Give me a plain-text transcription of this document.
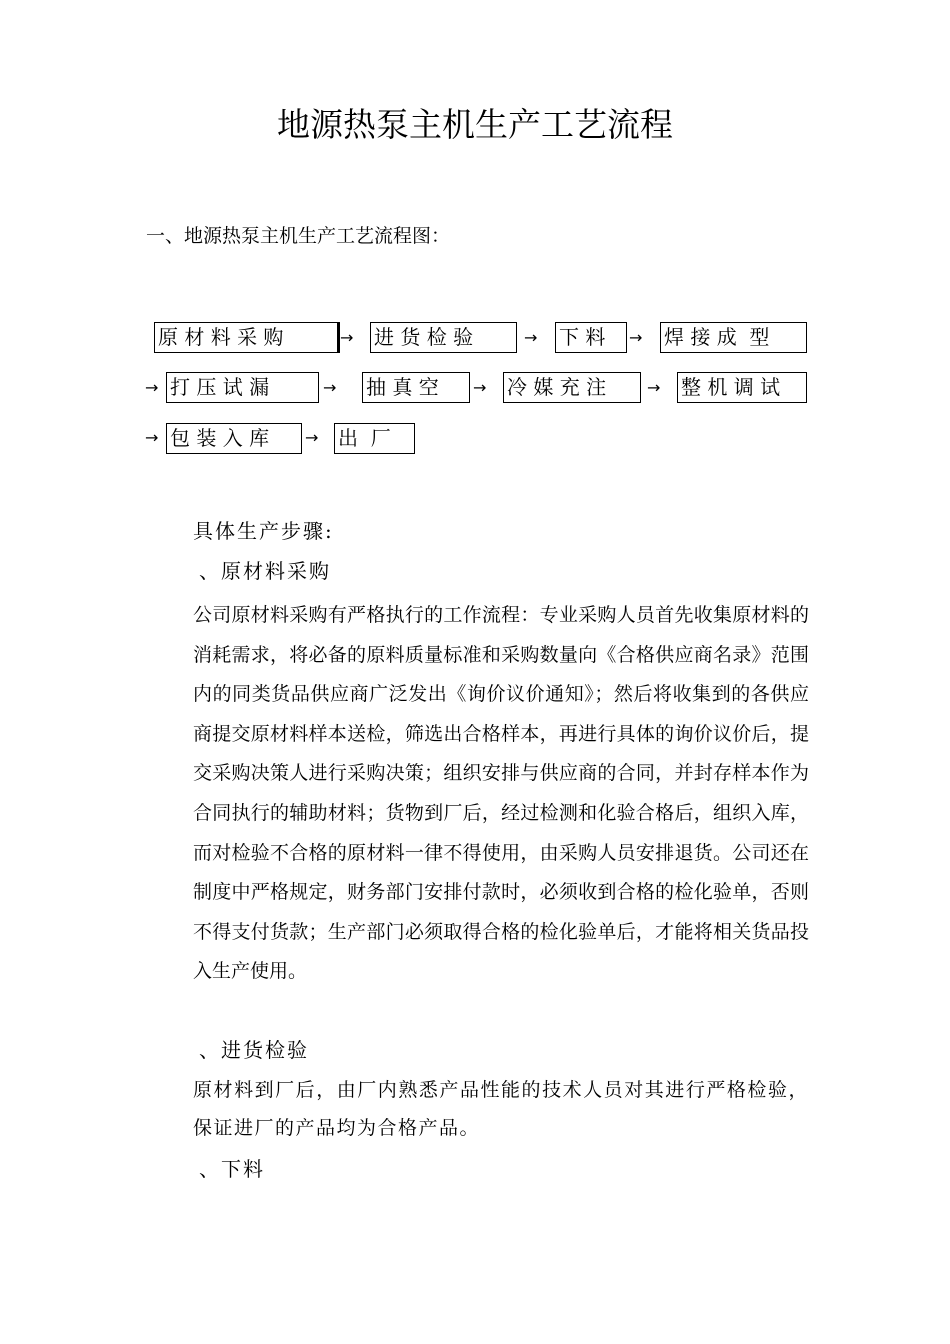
地源热泵主机生产工艺流程
一、地源热泵主机生产工艺流程图：
原 材 料 采 购	→ 进 货 检 验	→ 下 料	→ 焊 接 成  型
→ 打 压 试 漏	→ 抽 真 空	→ 冷 媒 充 注	→ 整 机 调 试
→ 包 装 入 库	→ 出  厂
具体生产步骤:
、原材料采购
公司原材料采购有严格执行的工作流程：专业采购人员首先收集原材料的消耗需求，将必备的原料质量标准和采购数量向《合格供应商名录》范围内的同类货品供应商广泛发出《询价议价通知》；然后将收集到的各供应商提交原材料样本送检，筛选出合格样本，再进行具体的询价议价后，提交采购决策人进行采购决策；组织安排与供应商的合同，并封存样本作为合同执行的辅助材料；货物到厂后，经过检测和化验合格后，组织入库，而对检验不合格的原材料一律不得使用，由采购人员安排退货。公司还在制度中严格规定，财务部门安排付款时，必须收到合格的检化验单，否则不得支付货款；生产部门必须取得合格的检化验单后，才能将相关货品投入生产使用。
、进货检验
原材料到厂后，由厂内熟悉产品性能的技术人员对其进行严格检验，保证进厂的产品均为合格产品。
、下料
